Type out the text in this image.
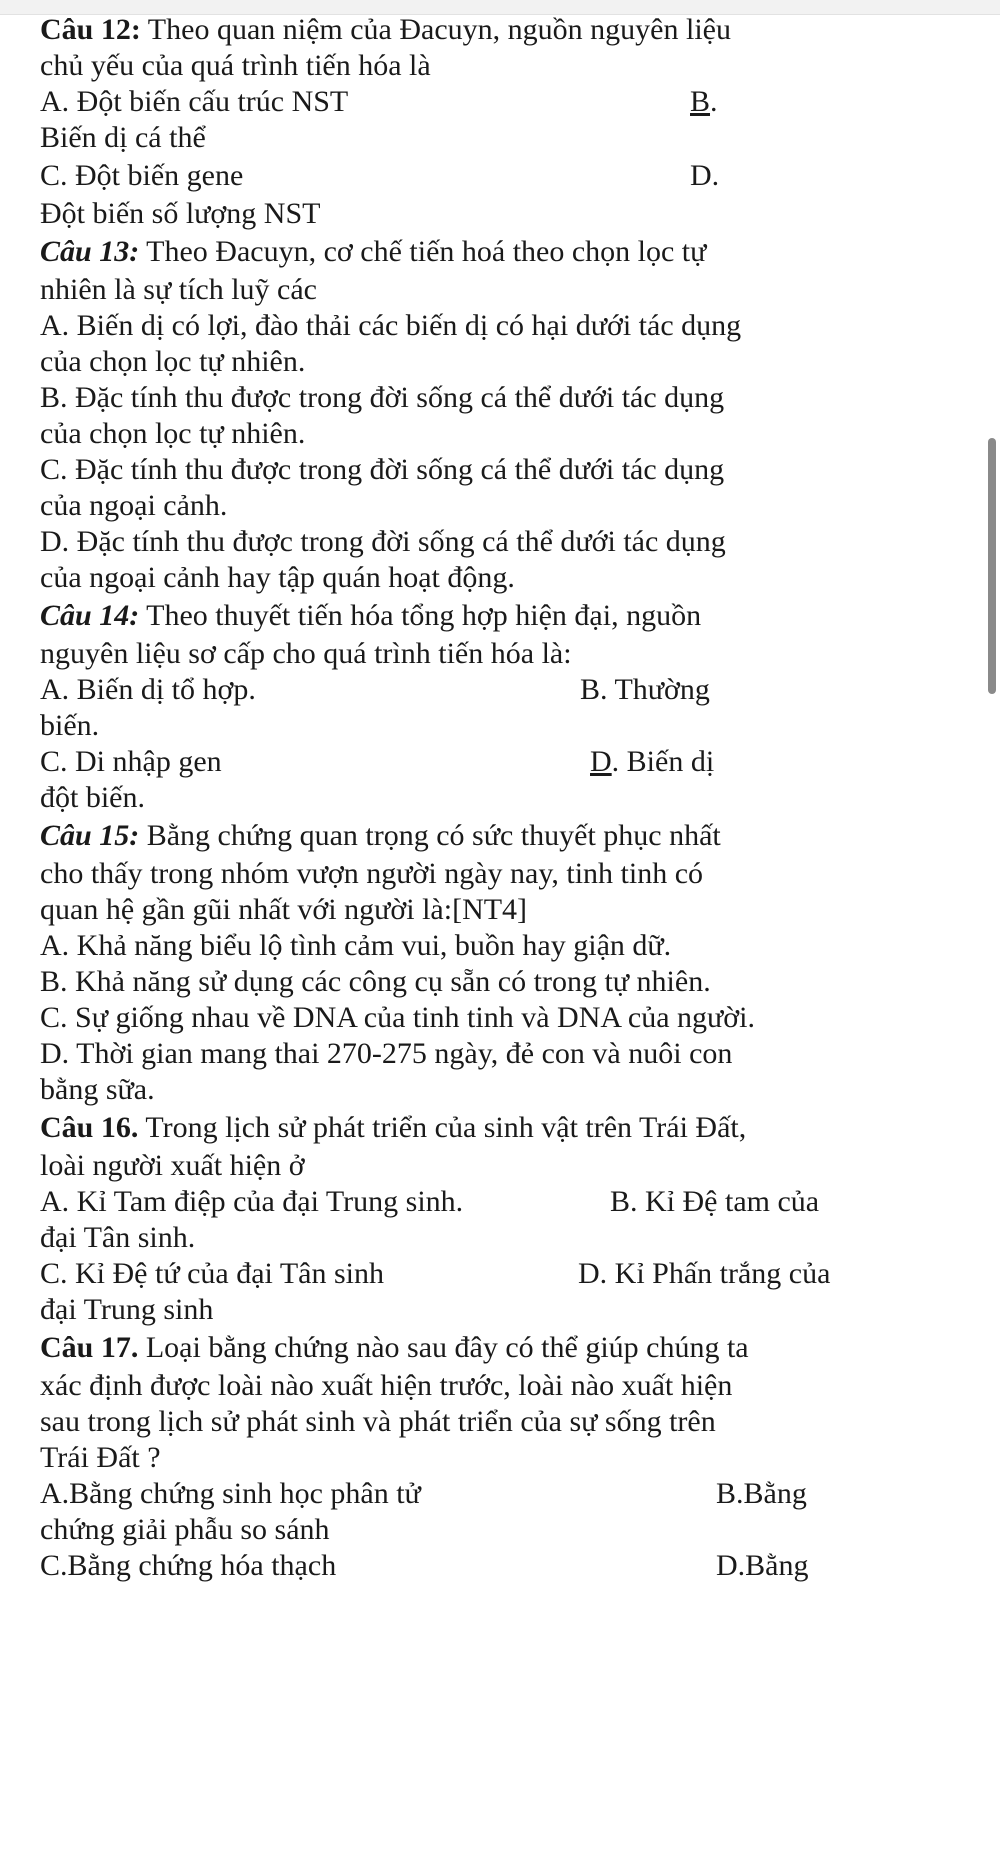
Câu 12: Theo quan niệm của Đacuyn, nguồn nguyên liệu
chủ yếu của quá trình tiến hóa là
A. Đột biến cấu trúc NST	B.
Biến dị cá thể
C. Đột biến gene	D.
Đột biến số lượng NST
Câu 13: Theo Đacuyn, cơ chế tiến hoá theo chọn lọc tự
nhiên là sự tích luỹ các
A. Biến dị có lợi, đào thải các biến dị có hại dưới tác dụng
của chọn lọc tự nhiên.
B. Đặc tính thu được trong đời sống cá thể dưới tác dụng
của chọn lọc tự nhiên.
C. Đặc tính thu được trong đời sống cá thể dưới tác dụng
của ngoại cảnh.
D. Đặc tính thu được trong đời sống cá thể dưới tác dụng
của ngoại cảnh hay tập quán hoạt động.
Câu 14: Theo thuyết tiến hóa tổng hợp hiện đại, nguồn
nguyên liệu sơ cấp cho quá trình tiến hóa là:
A. Biến dị tổ hợp.	B. Thường
biến.
C. Di nhập gen	D. Biến dị
đột biến.
Câu 15: Bằng chứng quan trọng có sức thuyết phục nhất
cho thấy trong nhóm vượn người ngày nay, tinh tinh có
quan hệ gần gũi nhất với người là:[NT4]
A. Khả năng biểu lộ tình cảm vui, buồn hay giận dữ.
B. Khả năng sử dụng các công cụ sẵn có trong tự nhiên.
C. Sự giống nhau về DNA của tinh tinh và DNA của người.
D. Thời gian mang thai 270-275 ngày, đẻ con và nuôi con
bằng sữa.
Câu 16. Trong lịch sử phát triển của sinh vật trên Trái Đất,
loài người xuất hiện ở
A. Kỉ Tam điệp của đại Trung sinh.	B. Kỉ Đệ tam của
đại Tân sinh.
C. Kỉ Đệ tứ của đại Tân sinh	D. Kỉ Phấn trắng của
đại Trung sinh
Câu 17. Loại bằng chứng nào sau đây có thể giúp chúng ta
xác định được loài nào xuất hiện trước, loài nào xuất hiện
sau trong lịch sử phát sinh và phát triển của sự sống trên
Trái Đất ?
A.Bằng chứng sinh học phân tử	B.Bằng
chứng giải phẫu so sánh
C.Bằng chứng hóa thạch	D.Bằng
